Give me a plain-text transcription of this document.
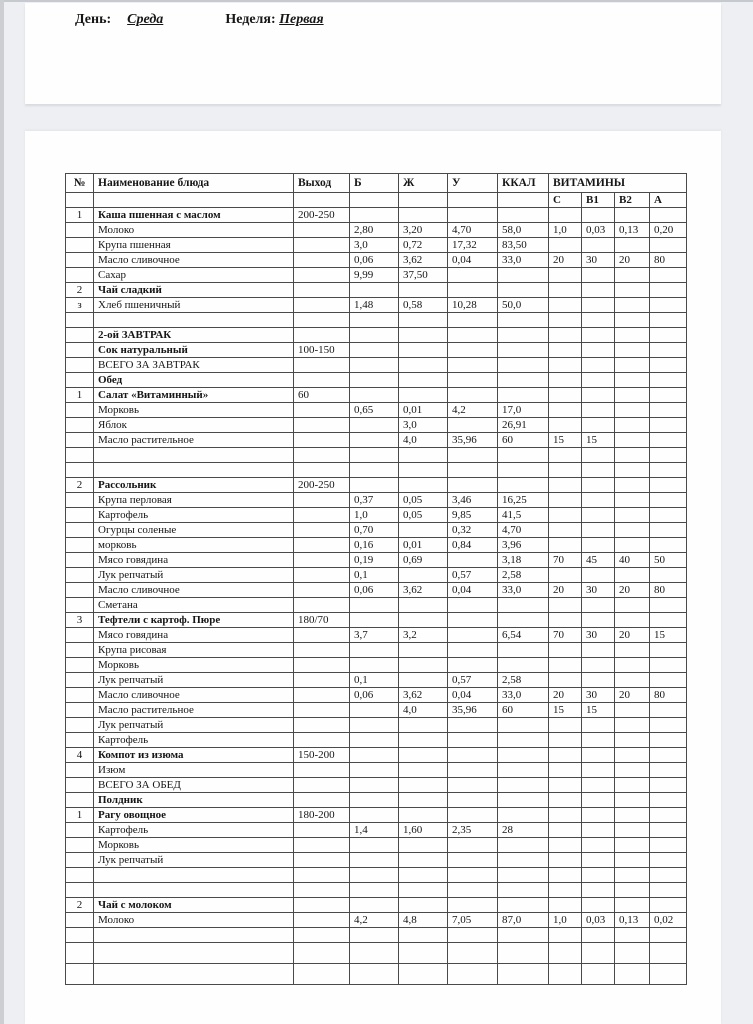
День: Среда	Неделя: Первая
№	Наименование блюда	Выход	Б	Ж	У	ККАЛ	ВИТАМИНЫ			
							С	B1	B2	А
1	Каша пшенная с маслом	200-250								
	Молоко		2,80	3,20	4,70	58,0	1,0	0,03	0,13	0,20
	Крупа пшенная		3,0	0,72	17,32	83,50				
	Масло сливочное		0,06	3,62	0,04	33,0	20	30	20	80
	Сахар		9,99	37,50						
2	Чай сладкий									
з	Хлеб пшеничный		1,48	0,58	10,28	50,0				

	2-ой ЗАВТРАК									
	Сок натуральный	100-150								
	ВСЕГО ЗА ЗАВТРАК									
	Обед									
1	Салат «Витаминный»	60								
	Морковь		0,65	0,01	4,2	17,0				
	Яблок			3,0		26,91				
	Масло растительное			4,0	35,96	60	15	15		

2	Рассольник	200-250								
	Крупа перловая		0,37	0,05	3,46	16,25				
	Картофель		1,0	0,05	9,85	41,5				
	Огурцы соленые		0,70		0,32	4,70				
	морковь		0,16	0,01	0,84	3,96				
	Мясо говядина		0,19	0,69		3,18	70	45	40	50
	Лук репчатый		0,1		0,57	2,58				
	Масло сливочное		0,06	3,62	0,04	33,0	20	30	20	80
	Сметана									
3	Тефтели с картоф. Пюре	180/70								
	Мясо говядина		3,7	3,2		6,54	70	30	20	15
	Крупа рисовая									
	Морковь									
	Лук репчатый		0,1		0,57	2,58				
	Масло сливочное		0,06	3,62	0,04	33,0	20	30	20	80
	Масло растительное			4,0	35,96	60	15	15		
	Лук репчатый									
	Картофель									
4	Компот из изюма	150-200								
	Изюм									
	ВСЕГО ЗА ОБЕД									
	Полдник									
1	Рагу овощное	180-200								
	Картофель		1,4	1,60	2,35	28				
	Морковь									
	Лук репчатый									

2	Чай с молоком									
	Молоко		4,2	4,8	7,05	87,0	1,0	0,03	0,13	0,02
